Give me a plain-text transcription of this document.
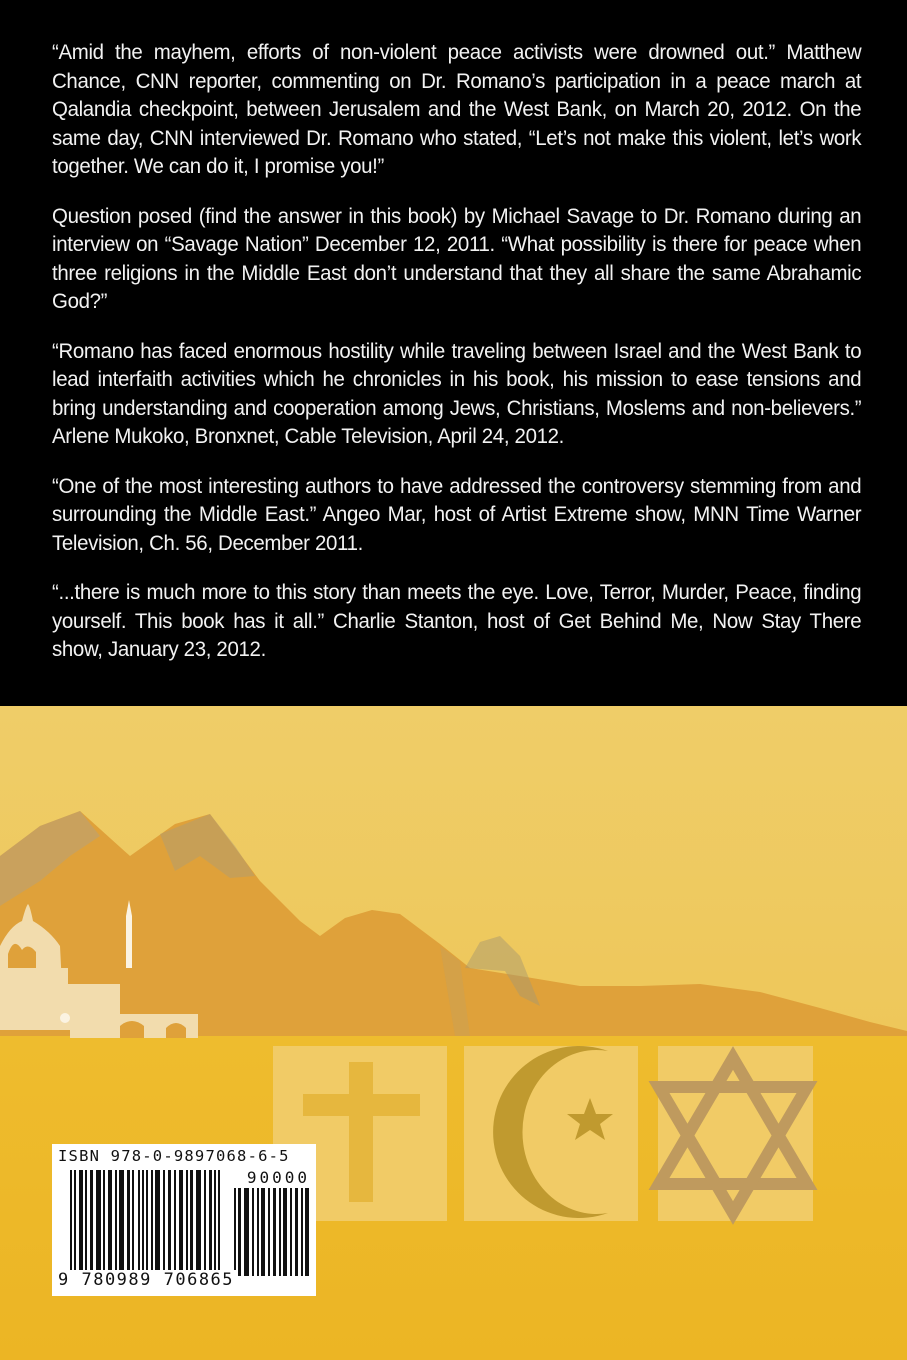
“Amid the mayhem, efforts of non-violent peace activists were drowned out.” Matthew Chance, CNN reporter, commenting on Dr. Romano’s participation in a peace march at Qalandia checkpoint, between Jerusalem and the West Bank, on March 20, 2012. On the same day, CNN interviewed Dr. Romano who stated, “Let’s not make this violent, let’s work together. We can do it, I promise you!”

Question posed (find the answer in this book) by Michael Savage to Dr. Romano during an interview on “Savage Nation” December 12, 2011. “What possibility is there for peace when three religions in the Middle East don’t understand that they all share the same Abrahamic God?”

“Romano has faced enormous hostility while traveling between Israel and the West Bank to lead interfaith activities which he chronicles in his book, his mission to ease tensions and bring understanding and cooperation among Jews, Christians, Moslems and non-believers.” Arlene Mukoko, Bronxnet, Cable Television, April 24, 2012.

“One of the most interesting authors to have addressed the controversy stemming from and surrounding the Middle East.” Angeo Mar, host of Artist Extreme show, MNN Time Warner Television, Ch. 56, December 2011.

“...there is much more to this story than meets the eye. Love, Terror, Murder, Peace, finding yourself. This book has it all.” Charlie Stanton, host of Get Behind Me, Now Stay There show, January 23, 2012.

ISBN 978-0-9897068-6-5
90000
9 780989 706865
